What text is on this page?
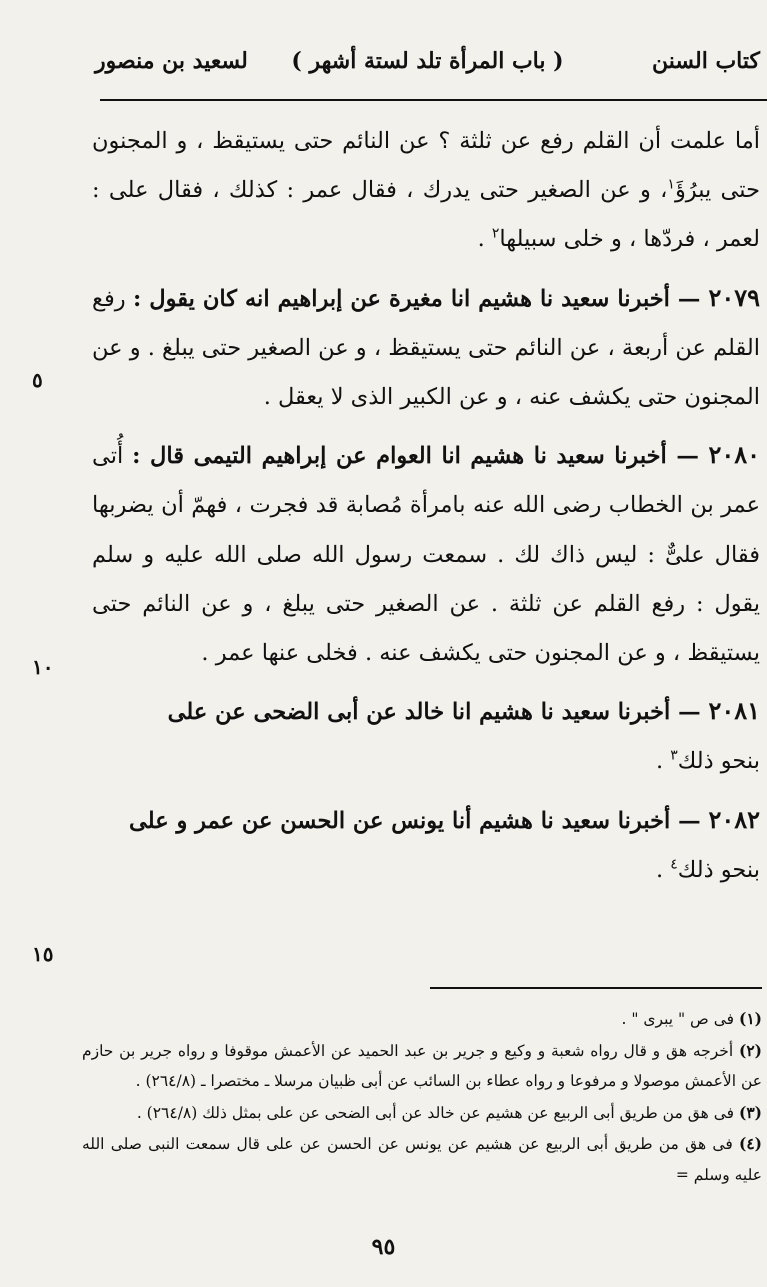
كتاب السنن
( باب المرأة تلد لستة أشهر )
لسعيد بن منصور

أما علمت أن القلم رفع عن ثلثة ؟ عن النائم حتى يستيقظ ، و المجنون حتى يبرُؤَ$^١$، و عن الصغير حتى يدرك ، فقال عمر : كذلك ، فقال على : لعمر ، فردّها ، و خلى سبيلها$^٢$ .

٢٠٧٩ — أخبرنا سعيد نا هشيم انا مغيرة عن إبراهيم انه كان يقول : رفع القلم عن أربعة ، عن النائم حتى يستيقظ ، و عن الصغير حتى يبلغ . و عن المجنون حتى يكشف عنه ، و عن الكبير الذى لا يعقل .

٢٠٨٠ — أخبرنا سعيد نا هشيم انا العوام عن إبراهيم التيمى قال : أُتى عمر بن الخطاب رضى الله عنه بامرأة مُصابة قد فجرت ، فهمّ أن يضربها فقال علىٌّ : ليس ذاك لك . سمعت رسول الله صلى الله عليه و سلم يقول : رفع القلم عن ثلثة . عن الصغير حتى يبلغ ، و عن النائم حتى يستيقظ ، و عن المجنون حتى يكشف عنه . فخلى عنها عمر .

٢٠٨١ — أخبرنا سعيد نا هشيم انا خالد عن أبى الضحى عن على
بنحو ذلك$^٣$ .

٢٠٨٢ — أخبرنا سعيد نا هشيم أنا يونس عن الحسن عن عمر و على
بنحو ذلك$^٤$ .

٥
١٠
١٥

(١) فى ص " يبرى " .

(٢) أخرجه هق و قال رواه شعبة و وكيع و جرير بن عبد الحميد عن الأعمش موقوفا و رواه جرير بن حازم عن الأعمش موصولا و مرفوعا و رواه عطاء بن السائب عن أبى ظبيان مرسلا ـ مختصرا ـ (٢٦٤/٨) .

(٣) فى هق من طريق أبى الربيع عن هشيم عن خالد عن أبى الضحى عن على بمثل ذلك (٢٦٤/٨) .

(٤) فى هق من طريق أبى الربيع عن هشيم عن يونس عن الحسن عن على قال سمعت النبى صلى الله عليه وسلم =

٩٥
